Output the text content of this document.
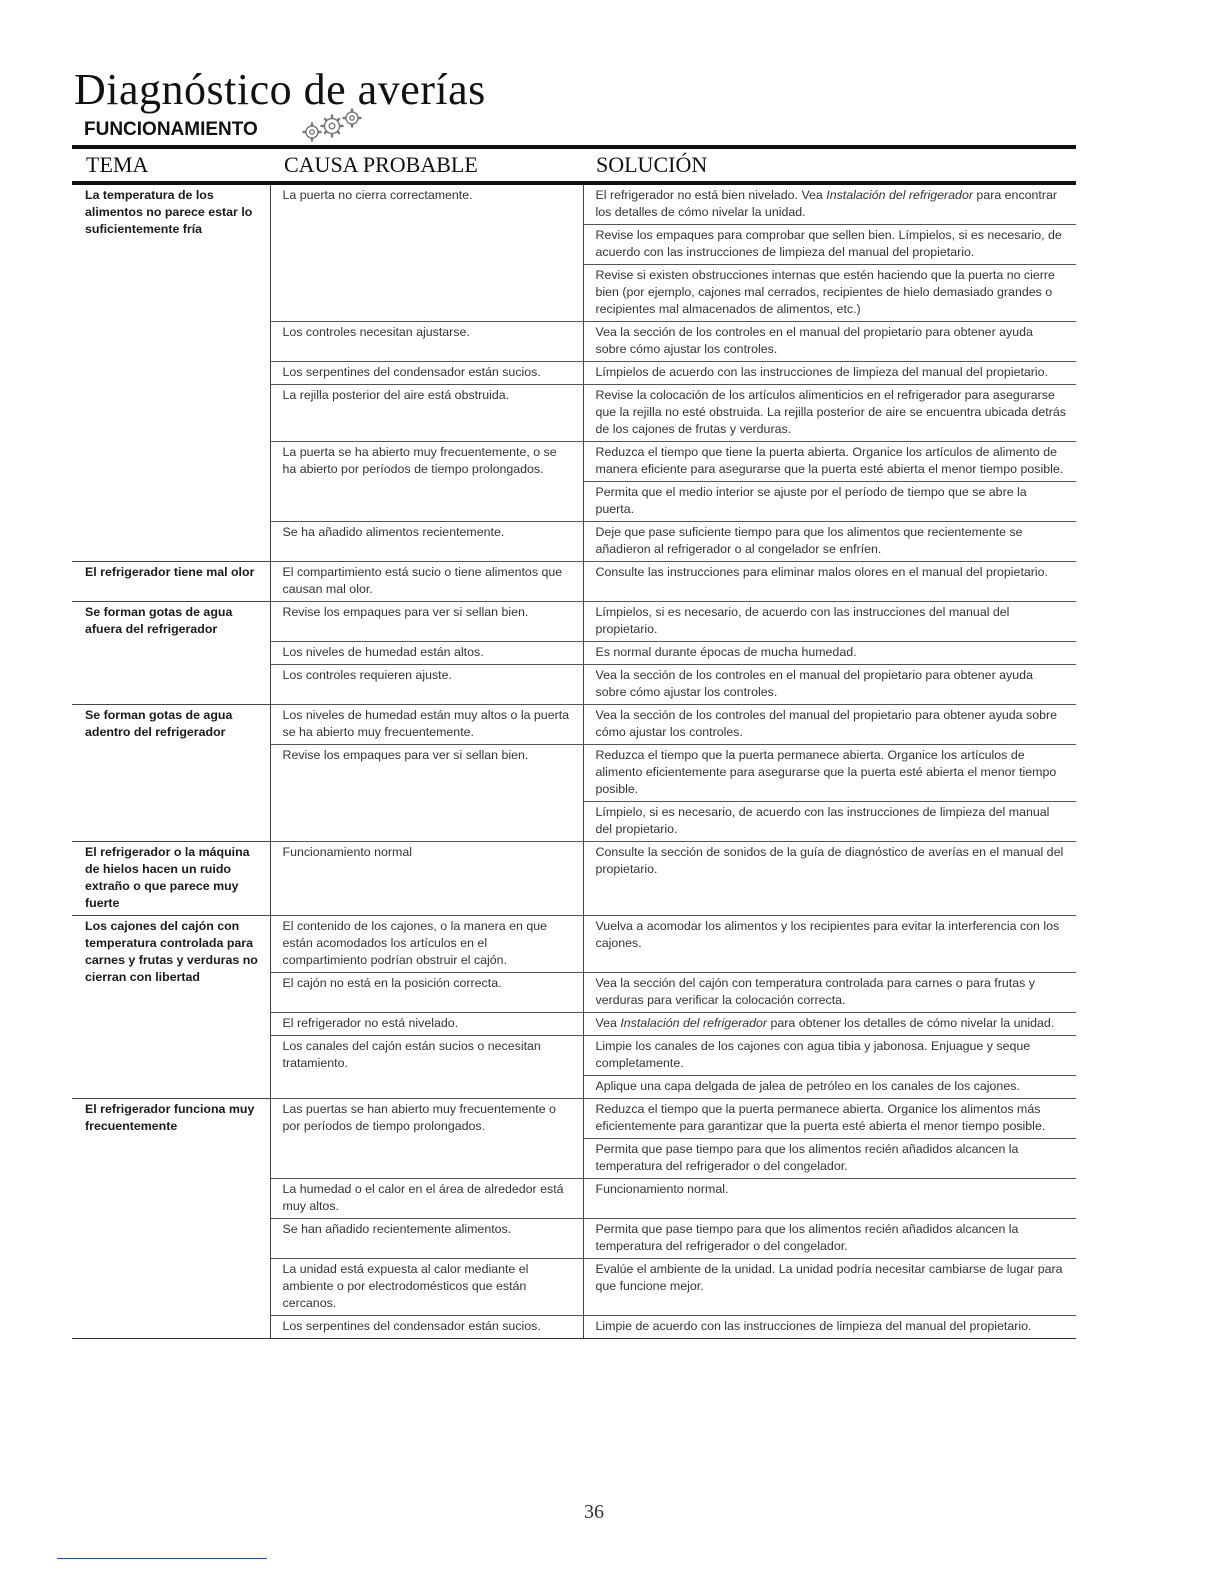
Diagnóstico de averías
FUNCIONAMIENTO
TEMA	CAUSA PROBABLE	SOLUCIÓN
La temperatura de los alimentos no parece estar lo suficientemente fría	La puerta no cierra correctamente.	El refrigerador no está bien nivelado. Vea Instalación del refrigerador para encontrar los detalles de cómo nivelar la unidad.
		Revise los empaques para comprobar que sellen bien. Límpielos, si es necesario, de acuerdo con las instrucciones de limpieza del manual del propietario.
		Revise si existen obstrucciones internas que estén haciendo que la puerta no cierre bien (por ejemplo, cajones mal cerrados, recipientes de hielo demasiado grandes o recipientes mal almacenados de alimentos, etc.)
	Los controles necesitan ajustarse.	Vea la sección de los controles en el manual del propietario para obtener ayuda sobre cómo ajustar los controles.
	Los serpentines del condensador están sucios.	Límpielos de acuerdo con las instrucciones de limpieza del manual del propietario.
	La rejilla posterior del aire está obstruida.	Revise la colocación de los artículos alimenticios en el refrigerador para asegurarse que la rejilla no esté obstruida. La rejilla posterior de aire se encuentra ubicada detrás de los cajones de frutas y verduras.
	La puerta se ha abierto muy frecuentemente, o se ha abierto por períodos de tiempo prolongados.	Reduzca el tiempo que tiene la puerta abierta. Organice los artículos de alimento de manera eficiente para asegurarse que la puerta esté abierta el menor tiempo posible.
		Permita que el medio interior se ajuste por el período de tiempo que se abre la puerta.
	Se ha añadido alimentos recientemente.	Deje que pase suficiente tiempo para que los alimentos que recientemente se añadieron al refrigerador o al congelador se enfríen.
El refrigerador tiene mal olor	El compartimiento está sucio o tiene alimentos que causan mal olor.	Consulte las instrucciones para eliminar malos olores en el manual del propietario.
Se forman gotas de agua afuera del refrigerador	Revise los empaques para ver si sellan bien.	Límpielos, si es necesario, de acuerdo con las instrucciones del manual del propietario.
	Los niveles de humedad están altos.	Es normal durante épocas de mucha humedad.
	Los controles requieren ajuste.	Vea la sección de los controles en el manual del propietario para obtener ayuda sobre cómo ajustar los controles.
Se forman gotas de agua adentro del refrigerador	Los niveles de humedad están muy altos o la puerta se ha abierto muy frecuentemente.	Vea la sección de los controles del manual del propietario para obtener ayuda sobre cómo ajustar los controles.
	Revise los empaques para ver si sellan bien.	Reduzca el tiempo que la puerta permanece abierta. Organice los artículos de alimento eficientemente para asegurarse que la puerta esté abierta el menor tiempo posible.
		Límpielo, si es necesario, de acuerdo con las instrucciones de limpieza del manual del propietario.
El refrigerador o la máquina de hielos hacen un ruido extraño o que parece muy fuerte	Funcionamiento normal	Consulte la sección de sonidos de la guía de diagnóstico de averías en el manual del propietario.
Los cajones del cajón con temperatura controlada para carnes y frutas y verduras no cierran con libertad	El contenido de los cajones, o la manera en que están acomodados los artículos en el compartimiento podrían obstruir el cajón.	Vuelva a acomodar los alimentos y los recipientes para evitar la interferencia con los cajones.
	El cajón no está en la posición correcta.	Vea la sección del cajón con temperatura controlada para carnes o para frutas y verduras para verificar la colocación correcta.
	El refrigerador no está nivelado.	Vea Instalación del refrigerador para obtener los detalles de cómo nivelar la unidad.
	Los canales del cajón están sucios o necesitan tratamiento.	Limpie los canales de los cajones con agua tibia y jabonosa. Enjuague y seque completamente.
		Aplique una capa delgada de jalea de petróleo en los canales de los cajones.
El refrigerador funciona muy frecuentemente	Las puertas se han abierto muy frecuentemente o por períodos de tiempo prolongados.	Reduzca el tiempo que la puerta permanece abierta. Organice los alimentos más eficientemente para garantizar que la puerta esté abierta el menor tiempo posible.
		Permita que pase tiempo para que los alimentos recién añadidos alcancen la temperatura del refrigerador o del congelador.
	La humedad o el calor en el área de alrededor está muy altos.	Funcionamiento normal.
	Se han añadido recientemente alimentos.	Permita que pase tiempo para que los alimentos recién añadidos alcancen la temperatura del refrigerador o del congelador.
	La unidad está expuesta al calor mediante el ambiente o por electrodomésticos que están cercanos.	Evalúe el ambiente de la unidad. La unidad podría necesitar cambiarse de lugar para que funcione mejor.
	Los serpentines del condensador están sucios.	Limpie de acuerdo con las instrucciones de limpieza del manual del propietario.
36
